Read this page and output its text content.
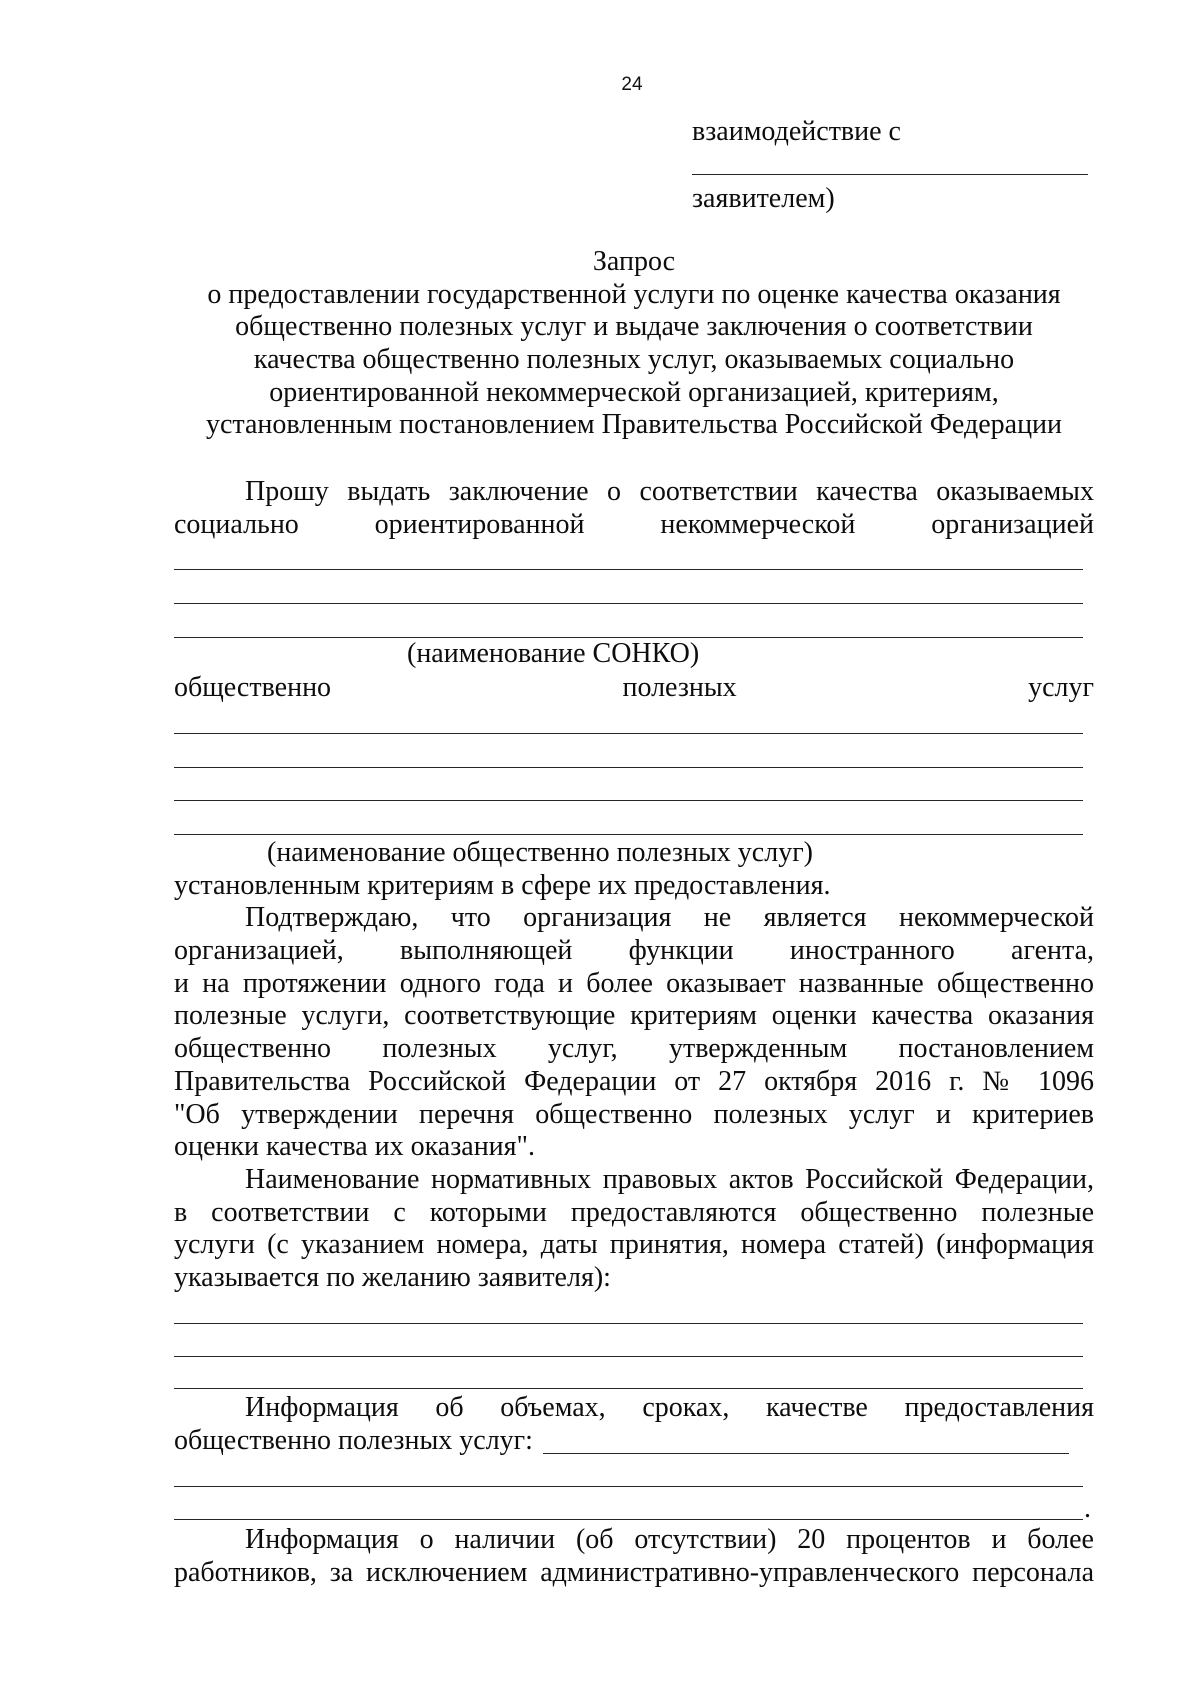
24
взаимодействие с
заявителем)
Запрос
о предоставлении государственной услуги по оценке качества оказания
общественно полезных услуг и выдаче заключения о соответствии
качества общественно полезных услуг, оказываемых социально
ориентированной некоммерческой организацией, критериям,
установленным постановлением Правительства Российской Федерации
Прошу выдать заключение о соответствии качества оказываемых
социально ориентированной некоммерческой организацией
(наименование СОНКО)
общественно полезных услуг
(наименование общественно полезных услуг)
установленным критериям в сфере их предоставления.
Подтверждаю, что организация не является некоммерческой
организацией, выполняющей функции иностранного агента,
и на протяжении одного года и более оказывает названные общественно
полезные услуги, соответствующие критериям оценки качества оказания
общественно полезных услуг, утвержденным постановлением
Правительства Российской Федерации от 27 октября 2016 г. № 1096
"Об утверждении перечня общественно полезных услуг и критериев
оценки качества их оказания".
Наименование нормативных правовых актов Российской Федерации,
в соответствии с которыми предоставляются общественно полезные
услуги (с указанием номера, даты принятия, номера статей) (информация
указывается по желанию заявителя):
Информация об объемах, сроках, качестве предоставления
общественно полезных услуг:
.
Информация о наличии (об отсутствии) 20 процентов и более
работников, за исключением административно-управленческого персонала
